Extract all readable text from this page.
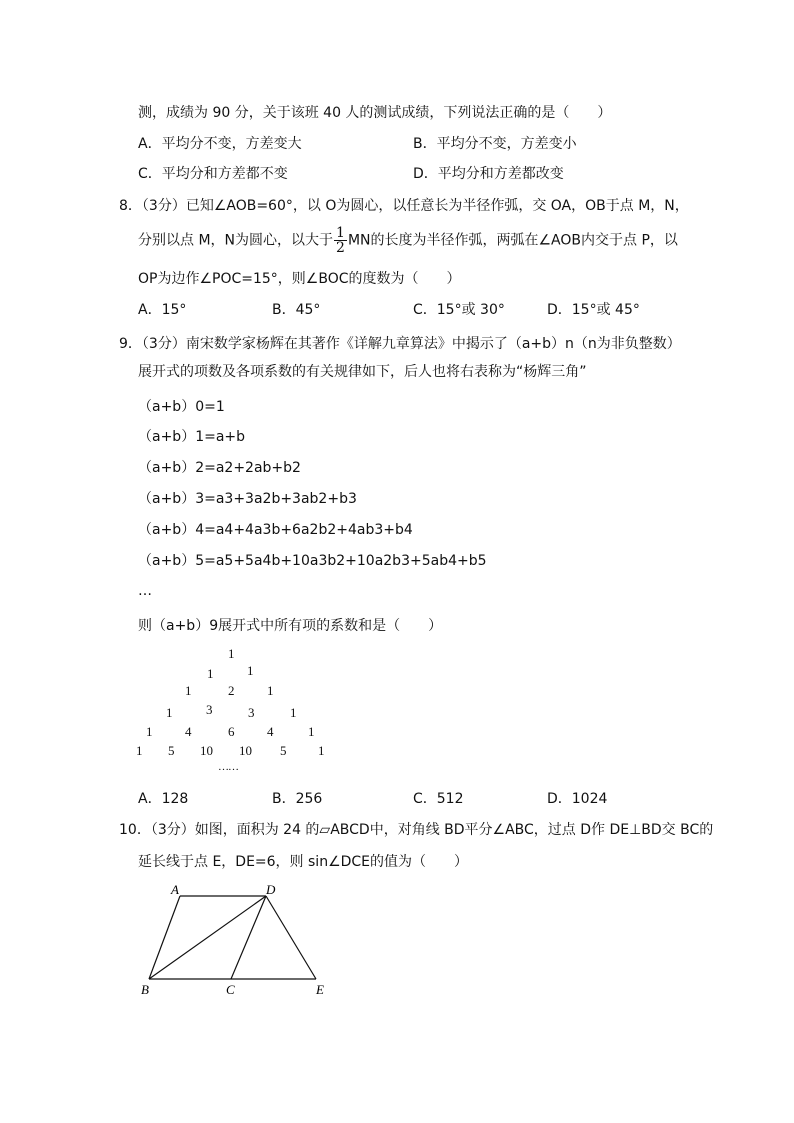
测，成绩为 90 分，关于该班 40 人的测试成绩，下列说法正确的是（　　）
A．平均分不变，方差变大	B．平均分不变，方差变小
C．平均分和方差都不变	D．平均分和方差都改变
8．（3分）已知∠AOB=60°，以 O为圆心，以任意长为半径作弧，交 OA，OB于点 M，N，
分别以点 M，N为圆心，以大于 $\frac{1}{2}$ MN的长度为半径作弧，两弧在∠AOB内交于点 P，以
OP为边作∠POC=15°，则∠BOC的度数为（　　）
A．15°	B．45°	C．15°或 30°	D．15°或 45°
9．（3分）南宋数学家杨辉在其著作《详解九章算法》中揭示了（a+b）n（n为非负整数）
展开式的项数及各项系数的有关规律如下，后人也将右表称为“杨辉三角”
（a+b）0=1
（a+b）1=a+b
（a+b）2=a2+2ab+b2
（a+b）3=a3+3a2b+3ab2+b3
（a+b）4=a4+4a3b+6a2b2+4ab3+b4
（a+b）5=a5+5a4b+10a3b2+10a2b3+5ab4+b5
…
则（a+b）9展开式中所有项的系数和是（　　）
1
1	1
1	2	1
1	3	3	1
1	4	6	4	1
1 5 10 10 5 1
……
A．128	B．256	C．512	D．1024
10．（3分）如图，面积为 24 的▱ABCD中，对角线 BD平分∠ABC，过点 D作 DE⊥BD交 BC的
延长线于点 E，DE=6，则 sin∠DCE的值为（　　）
A	D
B	C	E
